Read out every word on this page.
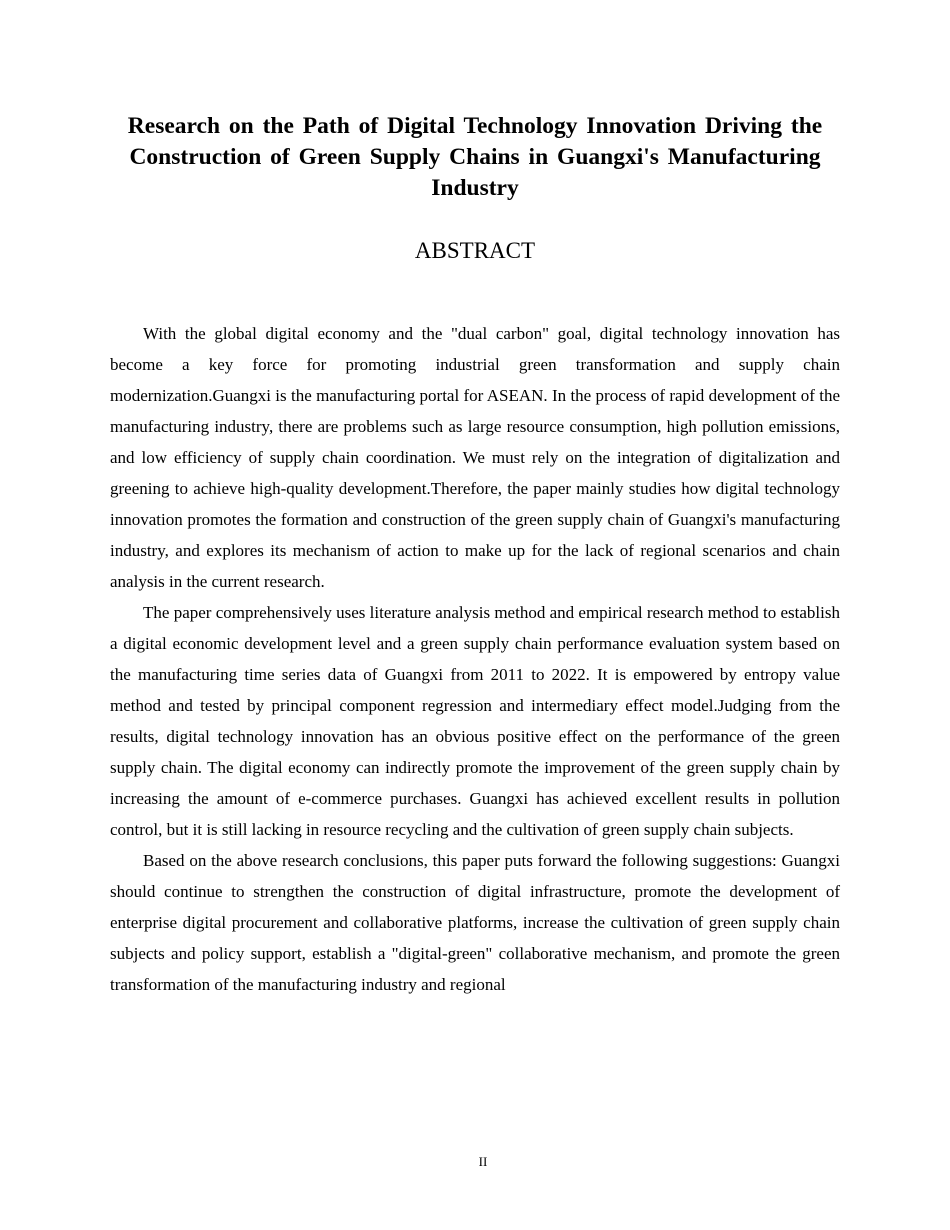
Research on the Path of Digital Technology Innovation Driving the Construction of Green Supply Chains in Guangxi's Manufacturing Industry
ABSTRACT

With the global digital economy and the "dual carbon" goal, digital technology innovation has become a key force for promoting industrial green transformation and supply chain modernization.Guangxi is the manufacturing portal for ASEAN. In the process of rapid development of the manufacturing industry, there are problems such as large resource consumption, high pollution emissions, and low efficiency of supply chain coordination. We must rely on the integration of digitalization and greening to achieve high-quality development.Therefore, the paper mainly studies how digital technology innovation promotes the formation and construction of the green supply chain of Guangxi's manufacturing industry, and explores its mechanism of action to make up for the lack of regional scenarios and chain analysis in the current research.

The paper comprehensively uses literature analysis method and empirical research method to establish a digital economic development level and a green supply chain performance evaluation system based on the manufacturing time series data of Guangxi from 2011 to 2022. It is empowered by entropy value method and tested by principal component regression and intermediary effect model.Judging from the results, digital technology innovation has an obvious positive effect on the performance of the green supply chain. The digital economy can indirectly promote the improvement of the green supply chain by increasing the amount of e-commerce purchases. Guangxi has achieved excellent results in pollution control, but it is still lacking in resource recycling and the cultivation of green supply chain subjects.

Based on the above research conclusions, this paper puts forward the following suggestions: Guangxi should continue to strengthen the construction of digital infrastructure, promote the development of enterprise digital procurement and collaborative platforms, increase the cultivation of green supply chain subjects and policy support, establish a "digital-green" collaborative mechanism, and promote the green transformation of the manufacturing industry and regional

II
